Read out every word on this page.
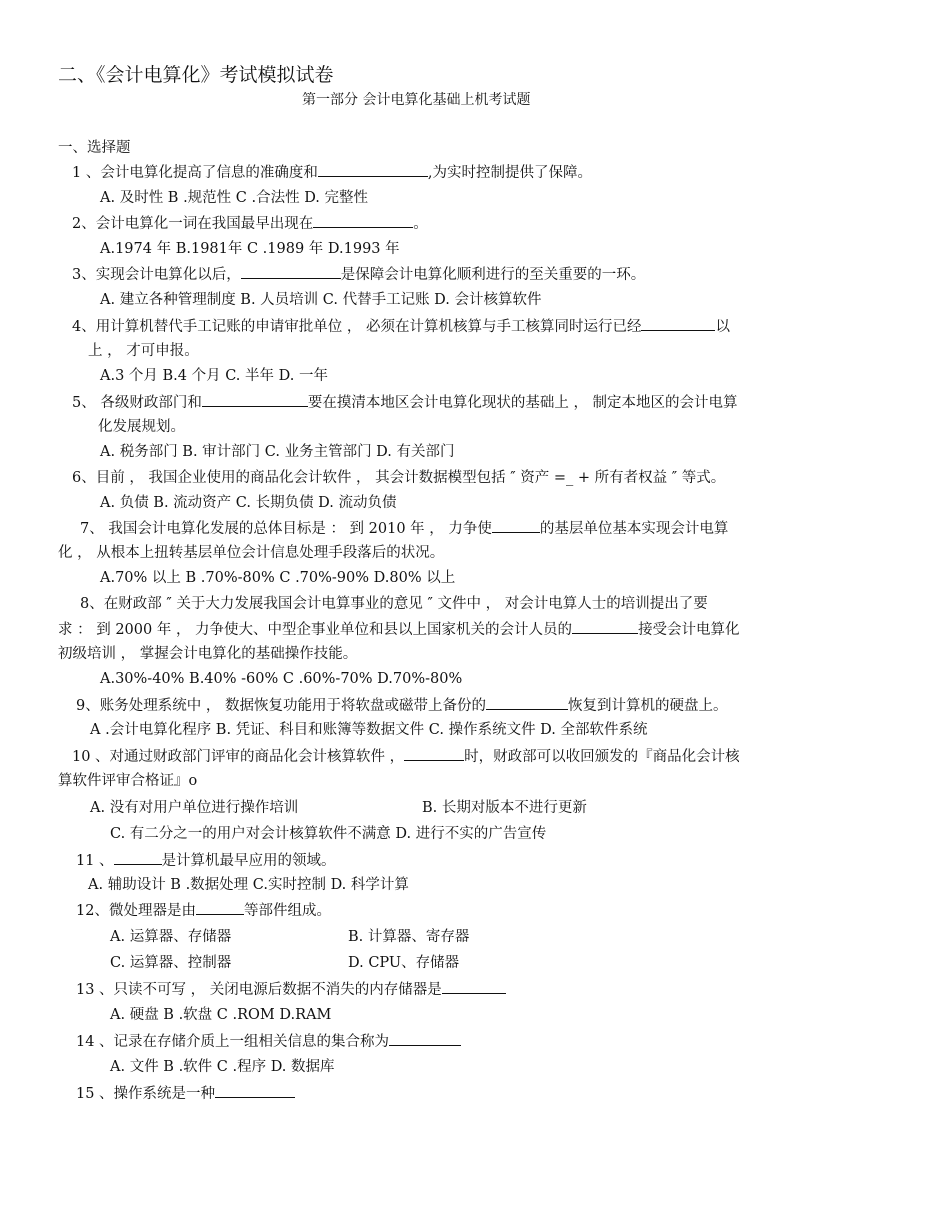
二、《会计电算化》考试模拟试卷
第一部分 会计电算化基础上机考试题
一、选择题
1 、会计电算化提高了信息的准确度和	,为实时控制提供了保障。
A. 及时性 B .规范性 C .合法性 D. 完整性
2、会计电算化一词在我国最早出现在	。
A.1974 年 B.1981年 C .1989 年 D.1993 年
3、实现会计电算化以后，	是保障会计电算化顺利进行的至关重要的一环。
A. 建立各种管理制度 B. 人员培训 C. 代替手工记账 D. 会计核算软件
4、用计算机替代手工记账的申请审批单位 ， 必须在计算机核算与手工核算同时运行已经	以
上 ， 才可申报。
A.3 个月 B.4 个月 C. 半年 D. 一年
5、 各级财政部门和	要在摸清本地区会计电算化现状的基础上 ， 制定本地区的会计电算
化发展规划。
A. 税务部门 B. 审计部门 C. 业务主管部门 D. 有关部门
6、目前 ， 我国企业使用的商品化会计软件 ， 其会计数据模型包括 ″ 资产 =_ + 所有者权益 ″ 等式。
A. 负债 B. 流动资产 C. 长期负债 D. 流动负债
7、 我国会计电算化发展的总体目标是 ： 到 2010 年 ， 力争使	的基层单位基本实现会计电算
化 ， 从根本上扭转基层单位会计信息处理手段落后的状况。
A.70% 以上 B .70%-80% C .70%-90% D.80% 以上
8、在财政部 ″ 关于大力发展我国会计电算事业的意见 ″ 文件中 ， 对会计电算人士的培训提出了要
求 ： 到 2000 年 ， 力争使大、中型企事业单位和县以上国家机关的会计人员的	接受会计电算化
初级培训 ， 掌握会计电算化的基础操作技能。
A.30%-40% B.40% -60% C .60%-70% D.70%-80%
9、账务处理系统中 ， 数据恢复功能用于将软盘或磁带上备份的	恢复到计算机的硬盘上。
A .会计电算化程序 B. 凭证、科目和账簿等数据文件 C. 操作系统文件 D. 全部软件系统
10 、对通过财政部门评审的商品化会计核算软件 ，	时，财政部可以收回颁发的『商品化会计核
算软件评审合格证』o
A. 没有对用户单位进行操作培训	B. 长期对版本不进行更新
C. 有二分之一的用户对会计核算软件不满意 D. 进行不实的广告宣传
11 、	是计算机最早应用的领域。
A. 辅助设计 B .数据处理 C.实时控制 D. 科学计算
12、微处理器是由	等部件组成。
A. 运算器、存储器	B. 计算器、寄存器
C. 运算器、控制器	D. CPU、存储器
13 、只读不可写 ， 关闭电源后数据不消失的内存储器是
A. 硬盘 B .软盘 C .ROM D.RAM
14 、记录在存储介质上一组相关信息的集合称为
A. 文件 B .软件 C .程序 D. 数据库
15 、操作系统是一种
